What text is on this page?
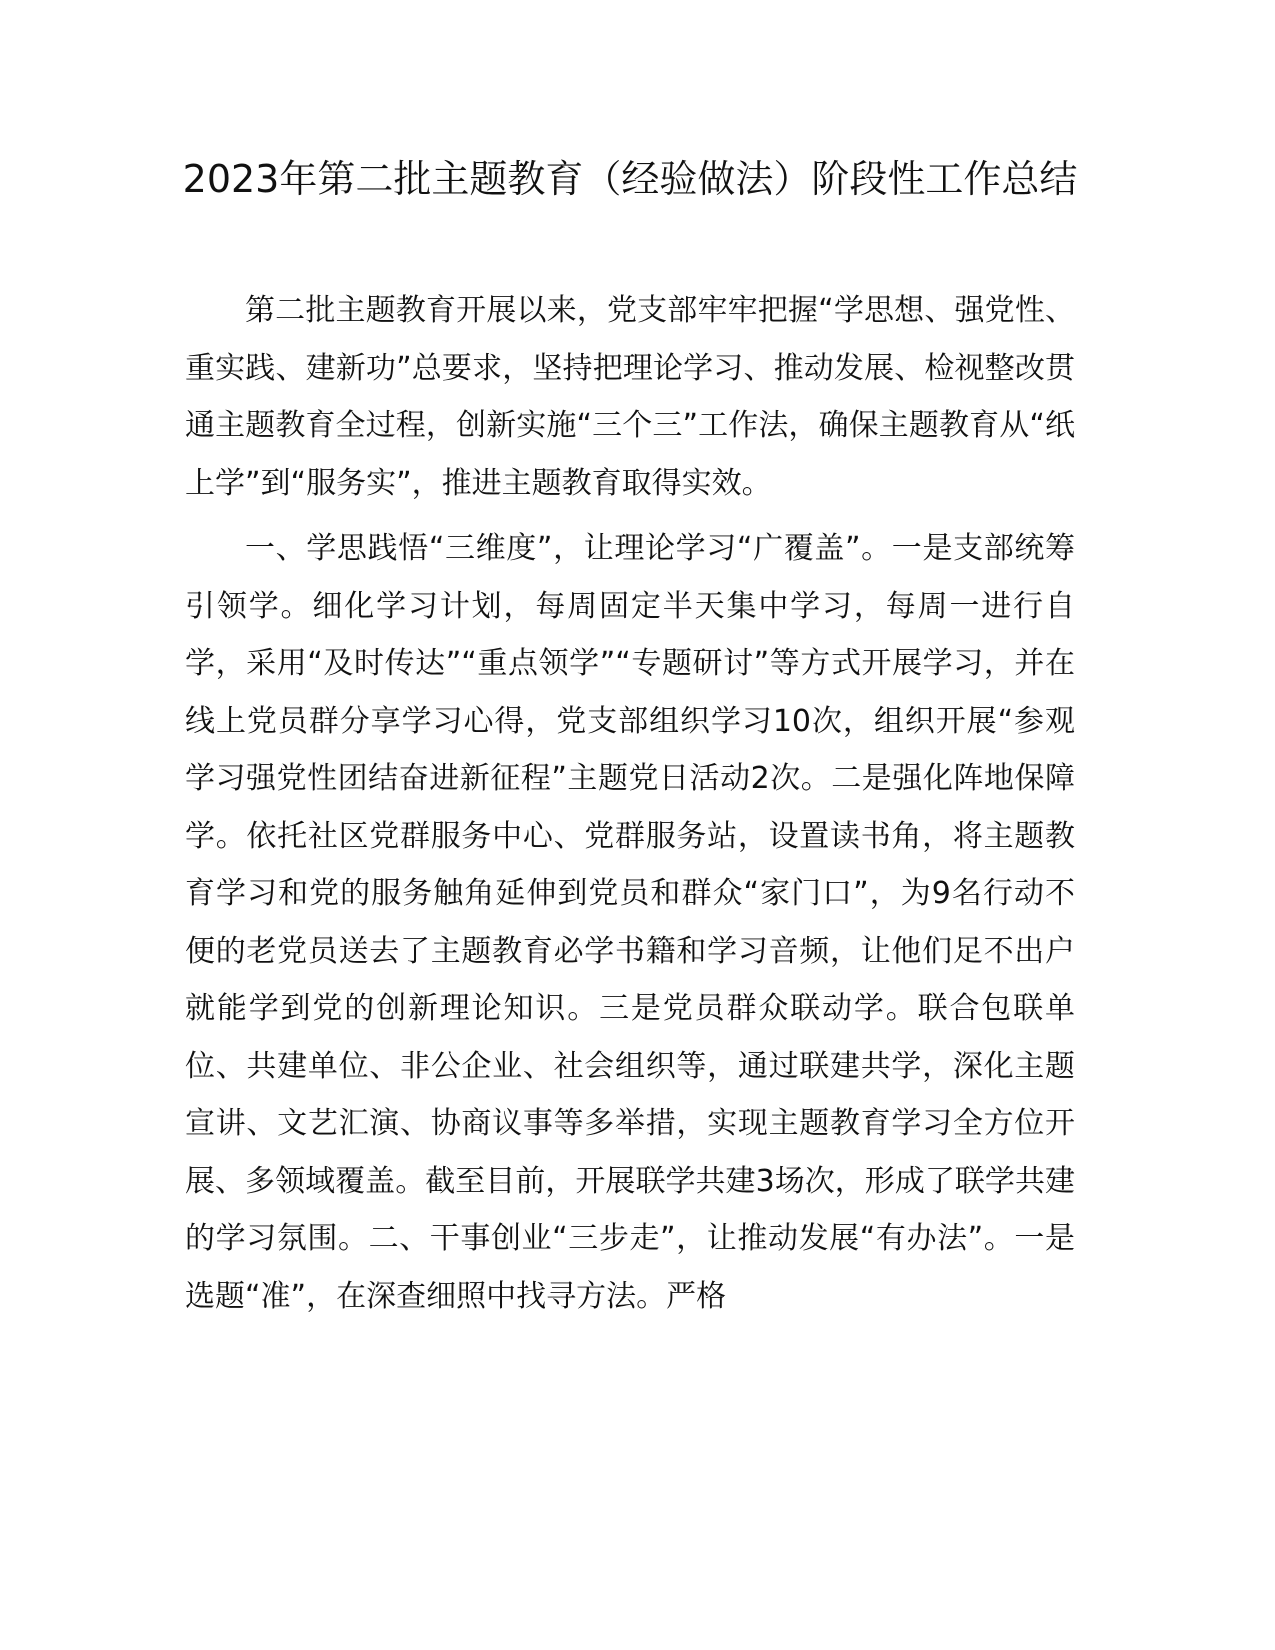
2023年第二批主题教育（经验做法）阶段性工作总结

第二批主题教育开展以来，党支部牢牢把握“学思想、强党性、重实践、建新功”总要求，坚持把理论学习、推动发展、检视整改贯通主题教育全过程，创新实施“三个三”工作法，确保主题教育从“纸上学”到“服务实”，推进主题教育取得实效。

一、学思践悟“三维度”，让理论学习“广覆盖”。一是支部统筹引领学。细化学习计划，每周固定半天集中学习，每周一进行自学，采用“及时传达”“重点领学”“专题研讨”等方式开展学习，并在线上党员群分享学习心得，党支部组织学习10次，组织开展“参观学习强党性团结奋进新征程”主题党日活动2次。二是强化阵地保障学。依托社区党群服务中心、党群服务站，设置读书角，将主题教育学习和党的服务触角延伸到党员和群众“家门口”，为9名行动不便的老党员送去了主题教育必学书籍和学习音频，让他们足不出户就能学到党的创新理论知识。三是党员群众联动学。联合包联单位、共建单位、非公企业、社会组织等，通过联建共学，深化主题宣讲、文艺汇演、协商议事等多举措，实现主题教育学习全方位开展、多领域覆盖。截至目前，开展联学共建3场次，形成了联学共建的学习氛围。二、干事创业“三步走”，让推动发展“有办法”。一是选题“准”，在深查细照中找寻方法。严格
